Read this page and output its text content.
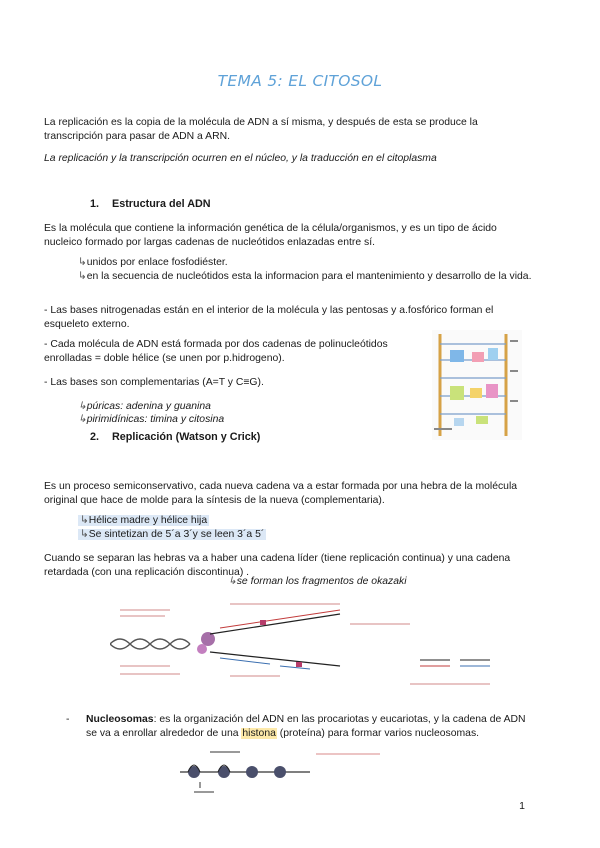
TEMA 5: EL CITOSOL

La replicación es la copia de la molécula de ADN a sí misma, y después de esta se produce la transcripción para pasar de ADN a ARN.

La replicación y la transcripción ocurren en el núcleo, y la traducción en el citoplasma

1. Estructura del ADN

Es la molécula que contiene la información genética de la célula/organismos, y es un tipo de ácido nucleico formado por largas cadenas de nucleótidos enlazadas entre sí.

↳unidos por enlace fosfodiéster.

↳en la secuencia de nucleótidos esta la informacion para el mantenimiento y desarrollo de la vida.

- Las bases nitrogenadas están en el interior de la molécula y las pentosas y a.fosfórico forman el esqueleto externo.

- Cada molécula de ADN está formada por dos cadenas de polinucleótidos enrolladas = doble hélice (se unen por p.hidrogeno).

- Las bases son complementarias (A=T y C≡G).

↳púricas: adenina y guanina

↳pirimidínicas: timina y citosina

2. Replicación (Watson y Crick)

Es un proceso semiconservativo, cada nueva cadena va a estar formada por una hebra de la molécula original que hace de molde para la síntesis de la nueva (complementaria).

↳Hélice madre y hélice hija

↳Se sintetizan de 5´a 3´y se leen 3´a 5´

Cuando se separan las hebras va a haber una cadena líder (tiene replicación continua) y una cadena retardada (con una replicación discontinua) .

↳se forman los fragmentos de okazaki

- Nucleosomas: es la organización del ADN en las procariotas y eucariotas, y la cadena de ADN se va a enrollar alrededor de una histona (proteína) para formar varios nucleosomas.

1
